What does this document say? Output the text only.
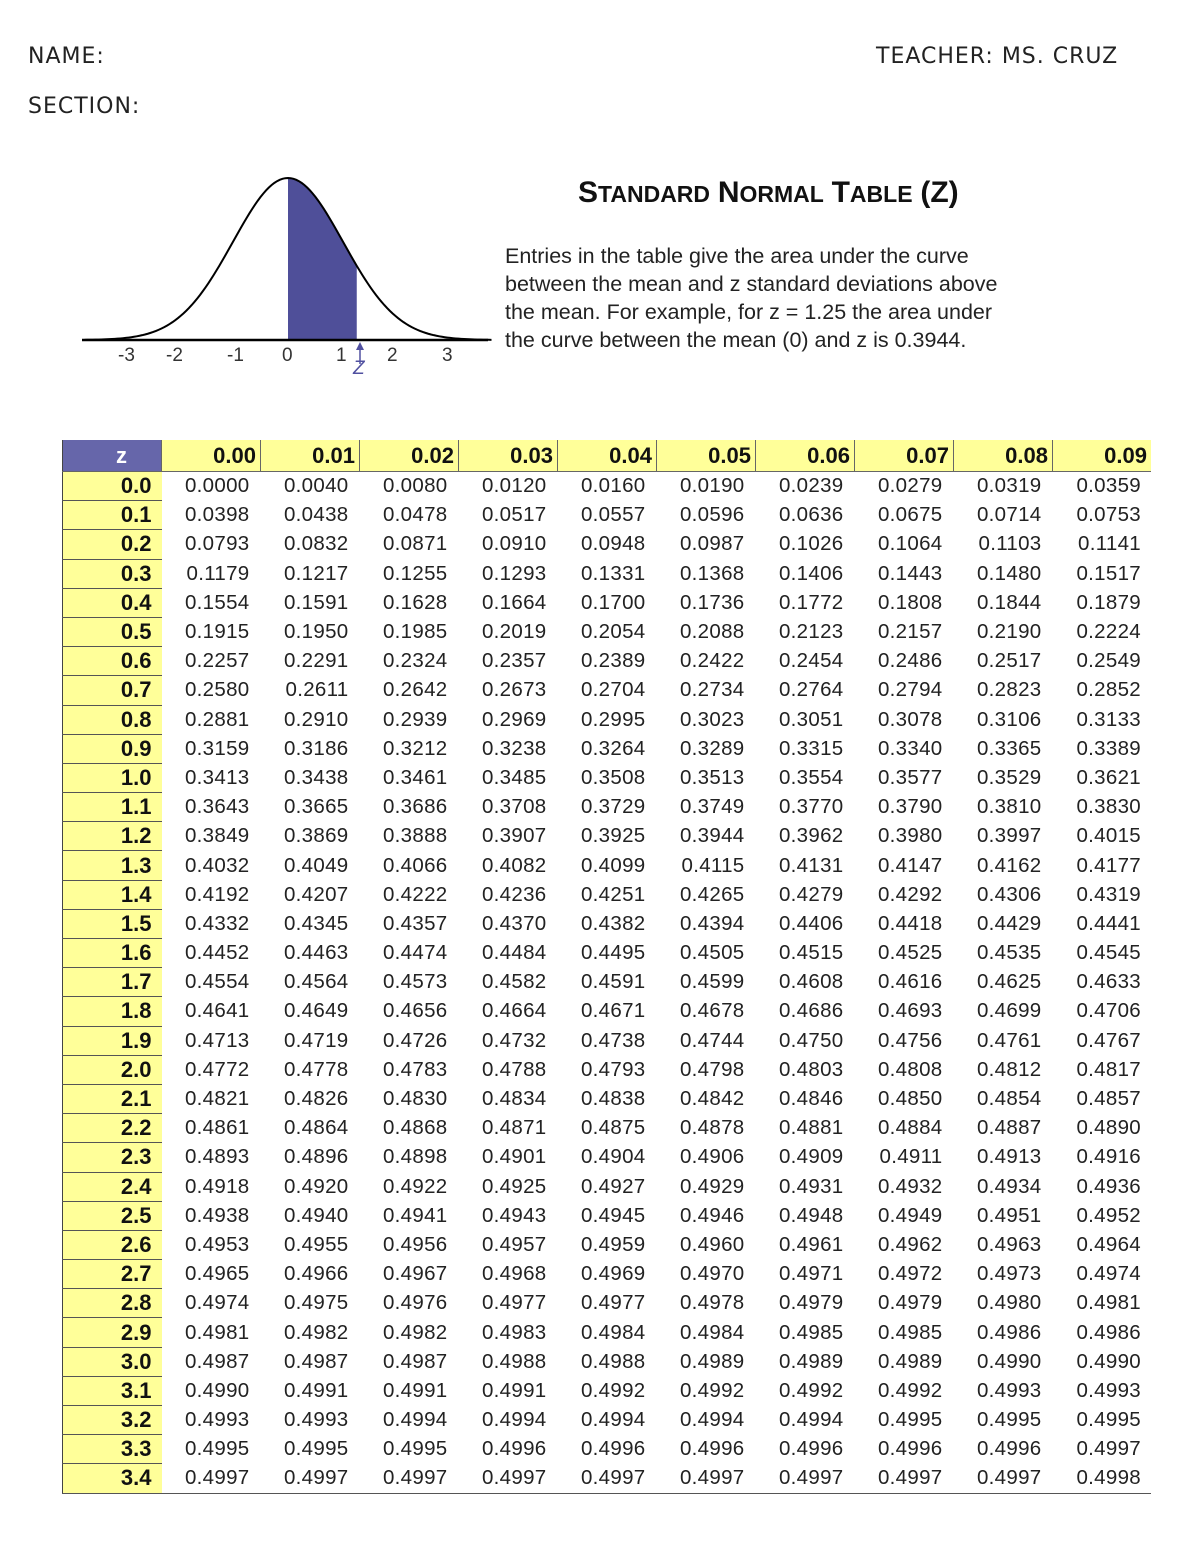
NAME:	TEACHER: MS. CRUZ
SECTION:
-3 -2 -1 0 1 2 3
Z
STANDARD NORMAL TABLE (Z)

Entries in the table give the area under the curve

between the mean and z standard deviations above

the mean. For example, for z = 1.25 the area under

the curve between the mean (0) and z is 0.3944.

z	0.00	0.01	0.02	0.03	0.04	0.05	0.06	0.07	0.08	0.09
0.0	0.0000	0.0040	0.0080	0.0120	0.0160	0.0190	0.0239	0.0279	0.0319	0.0359
0.1	0.0398	0.0438	0.0478	0.0517	0.0557	0.0596	0.0636	0.0675	0.0714	0.0753
0.2	0.0793	0.0832	0.0871	0.0910	0.0948	0.0987	0.1026	0.1064	0.1103	0.1141
0.3	0.1179	0.1217	0.1255	0.1293	0.1331	0.1368	0.1406	0.1443	0.1480	0.1517
0.4	0.1554	0.1591	0.1628	0.1664	0.1700	0.1736	0.1772	0.1808	0.1844	0.1879
0.5	0.1915	0.1950	0.1985	0.2019	0.2054	0.2088	0.2123	0.2157	0.2190	0.2224
0.6	0.2257	0.2291	0.2324	0.2357	0.2389	0.2422	0.2454	0.2486	0.2517	0.2549
0.7	0.2580	0.2611	0.2642	0.2673	0.2704	0.2734	0.2764	0.2794	0.2823	0.2852
0.8	0.2881	0.2910	0.2939	0.2969	0.2995	0.3023	0.3051	0.3078	0.3106	0.3133
0.9	0.3159	0.3186	0.3212	0.3238	0.3264	0.3289	0.3315	0.3340	0.3365	0.3389
1.0	0.3413	0.3438	0.3461	0.3485	0.3508	0.3513	0.3554	0.3577	0.3529	0.3621
1.1	0.3643	0.3665	0.3686	0.3708	0.3729	0.3749	0.3770	0.3790	0.3810	0.3830
1.2	0.3849	0.3869	0.3888	0.3907	0.3925	0.3944	0.3962	0.3980	0.3997	0.4015
1.3	0.4032	0.4049	0.4066	0.4082	0.4099	0.4115	0.4131	0.4147	0.4162	0.4177
1.4	0.4192	0.4207	0.4222	0.4236	0.4251	0.4265	0.4279	0.4292	0.4306	0.4319
1.5	0.4332	0.4345	0.4357	0.4370	0.4382	0.4394	0.4406	0.4418	0.4429	0.4441
1.6	0.4452	0.4463	0.4474	0.4484	0.4495	0.4505	0.4515	0.4525	0.4535	0.4545
1.7	0.4554	0.4564	0.4573	0.4582	0.4591	0.4599	0.4608	0.4616	0.4625	0.4633
1.8	0.4641	0.4649	0.4656	0.4664	0.4671	0.4678	0.4686	0.4693	0.4699	0.4706
1.9	0.4713	0.4719	0.4726	0.4732	0.4738	0.4744	0.4750	0.4756	0.4761	0.4767
2.0	0.4772	0.4778	0.4783	0.4788	0.4793	0.4798	0.4803	0.4808	0.4812	0.4817
2.1	0.4821	0.4826	0.4830	0.4834	0.4838	0.4842	0.4846	0.4850	0.4854	0.4857
2.2	0.4861	0.4864	0.4868	0.4871	0.4875	0.4878	0.4881	0.4884	0.4887	0.4890
2.3	0.4893	0.4896	0.4898	0.4901	0.4904	0.4906	0.4909	0.4911	0.4913	0.4916
2.4	0.4918	0.4920	0.4922	0.4925	0.4927	0.4929	0.4931	0.4932	0.4934	0.4936
2.5	0.4938	0.4940	0.4941	0.4943	0.4945	0.4946	0.4948	0.4949	0.4951	0.4952
2.6	0.4953	0.4955	0.4956	0.4957	0.4959	0.4960	0.4961	0.4962	0.4963	0.4964
2.7	0.4965	0.4966	0.4967	0.4968	0.4969	0.4970	0.4971	0.4972	0.4973	0.4974
2.8	0.4974	0.4975	0.4976	0.4977	0.4977	0.4978	0.4979	0.4979	0.4980	0.4981
2.9	0.4981	0.4982	0.4982	0.4983	0.4984	0.4984	0.4985	0.4985	0.4986	0.4986
3.0	0.4987	0.4987	0.4987	0.4988	0.4988	0.4989	0.4989	0.4989	0.4990	0.4990
3.1	0.4990	0.4991	0.4991	0.4991	0.4992	0.4992	0.4992	0.4992	0.4993	0.4993
3.2	0.4993	0.4993	0.4994	0.4994	0.4994	0.4994	0.4994	0.4995	0.4995	0.4995
3.3	0.4995	0.4995	0.4995	0.4996	0.4996	0.4996	0.4996	0.4996	0.4996	0.4997
3.4	0.4997	0.4997	0.4997	0.4997	0.4997	0.4997	0.4997	0.4997	0.4997	0.4998
